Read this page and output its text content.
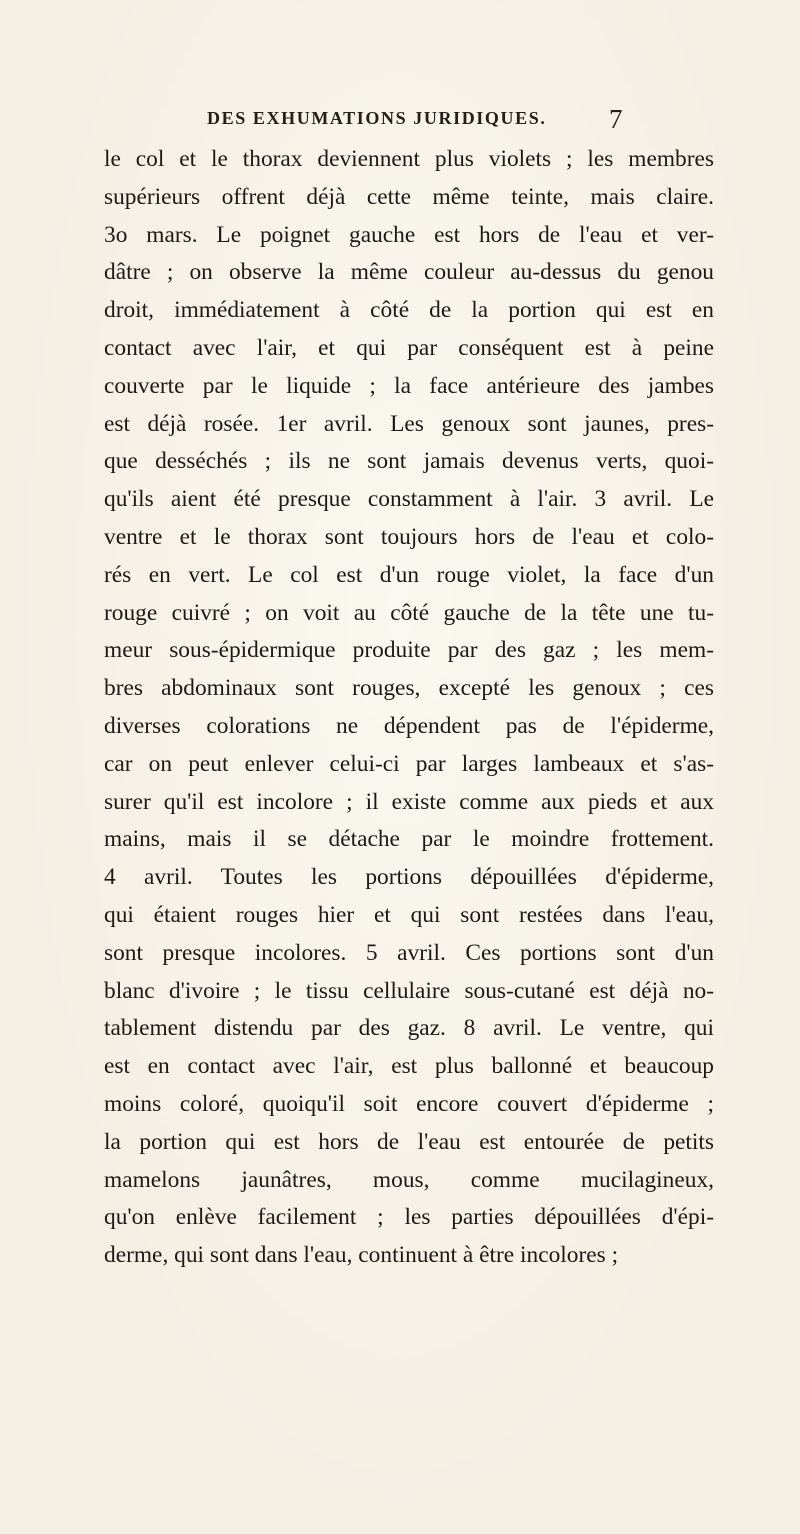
DES EXHUMATIONS JURIDIQUES. 7
le col et le thorax deviennent plus violets ; les membres
supérieurs offrent déjà cette même teinte, mais claire.
3o mars. Le poignet gauche est hors de l'eau et ver-
dâtre ; on observe la même couleur au-dessus du genou
droit, immédiatement à côté de la portion qui est en
contact avec l'air, et qui par conséquent est à peine
couverte par le liquide ; la face antérieure des jambes
est déjà rosée. 1er avril. Les genoux sont jaunes, pres-
que desséchés ; ils ne sont jamais devenus verts, quoi-
qu'ils aient été presque constamment à l'air. 3 avril. Le
ventre et le thorax sont toujours hors de l'eau et colo-
rés en vert. Le col est d'un rouge violet, la face d'un
rouge cuivré ; on voit au côté gauche de la tête une tu-
meur sous-épidermique produite par des gaz ; les mem-
bres abdominaux sont rouges, excepté les genoux ; ces
diverses colorations ne dépendent pas de l'épiderme,
car on peut enlever celui-ci par larges lambeaux et s'as-
surer qu'il est incolore ; il existe comme aux pieds et aux
mains, mais il se détache par le moindre frottement.
4 avril. Toutes les portions dépouillées d'épiderme,
qui étaient rouges hier et qui sont restées dans l'eau,
sont presque incolores. 5 avril. Ces portions sont d'un
blanc d'ivoire ; le tissu cellulaire sous-cutané est déjà no-
tablement distendu par des gaz. 8 avril. Le ventre, qui
est en contact avec l'air, est plus ballonné et beaucoup
moins coloré, quoiqu'il soit encore couvert d'épiderme ;
la portion qui est hors de l'eau est entourée de petits
mamelons jaunâtres, mous, comme mucilagineux,
qu'on enlève facilement ; les parties dépouillées d'épi-
derme, qui sont dans l'eau, continuent à être incolores ;
